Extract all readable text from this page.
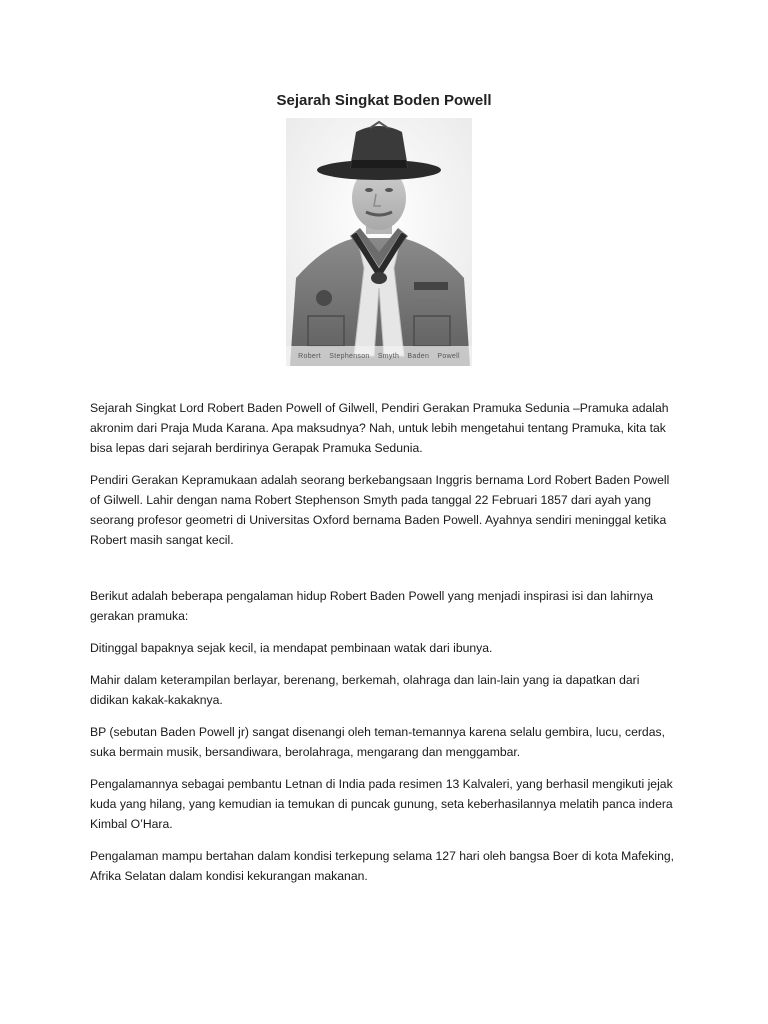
Sejarah Singkat Boden Powell
Robert Stephenson Smyth Baden Powell

Sejarah Singkat Lord Robert Baden Powell of Gilwell, Pendiri Gerakan Pramuka Sedunia –Pramuka adalah akronim dari Praja Muda Karana. Apa maksudnya? Nah, untuk lebih mengetahui tentang Pramuka, kita tak bisa lepas dari sejarah berdirinya Gerapak Pramuka Sedunia.

Pendiri Gerakan Kepramukaan adalah seorang berkebangsaan Inggris bernama Lord Robert Baden Powell of Gilwell. Lahir dengan nama Robert Stephenson Smyth pada tanggal 22 Februari 1857 dari ayah yang seorang profesor geometri di Universitas Oxford bernama Baden Powell. Ayahnya sendiri meninggal ketika Robert masih sangat kecil.

Berikut adalah beberapa pengalaman hidup Robert Baden Powell yang menjadi inspirasi isi dan lahirnya gerakan pramuka:

Ditinggal bapaknya sejak kecil, ia mendapat pembinaan watak dari ibunya.

Mahir dalam keterampilan berlayar, berenang, berkemah, olahraga dan lain-lain yang ia dapatkan dari didikan kakak-kakaknya.

BP (sebutan Baden Powell jr) sangat disenangi oleh teman-temannya karena selalu gembira, lucu, cerdas, suka bermain musik, bersandiwara, berolahraga, mengarang dan menggambar.

Pengalamannya sebagai pembantu Letnan di India pada resimen 13 Kalvaleri, yang berhasil mengikuti jejak kuda yang hilang, yang kemudian ia temukan di puncak gunung, seta keberhasilannya melatih panca indera Kimbal O’Hara.

Pengalaman mampu bertahan dalam kondisi terkepung selama 127 hari oleh bangsa Boer di kota Mafeking, Afrika Selatan dalam kondisi kekurangan makanan.
